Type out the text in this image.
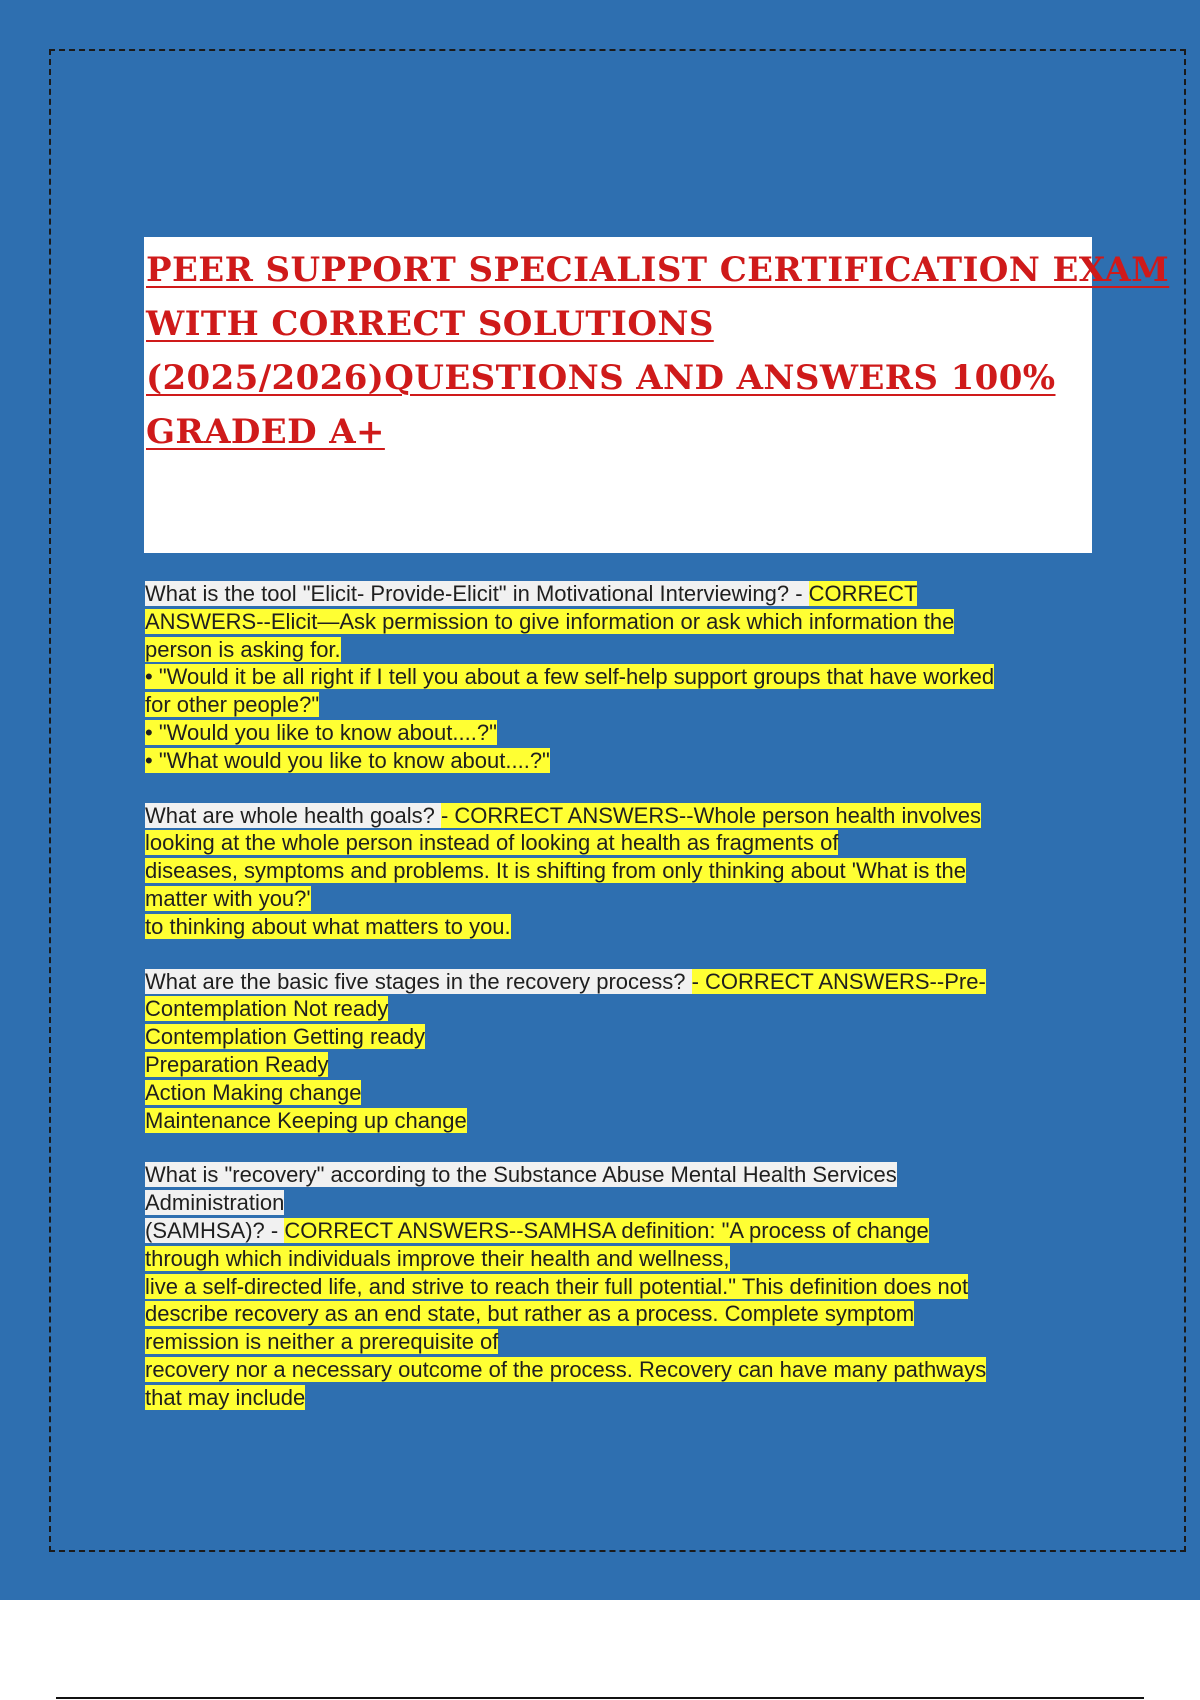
PEER SUPPORT SPECIALIST CERTIFICATION EXAM
WITH CORRECT SOLUTIONS
(2025/2026)QUESTIONS AND ANSWERS 100%
GRADED A+
What is the tool "Elicit- Provide-Elicit" in Motivational Interviewing? - CORRECT
ANSWERS--Elicit—Ask permission to give information or ask which information the
person is asking for.
• "Would it be all right if I tell you about a few self-help support groups that have worked
for other people?"
• "Would you like to know about....?"
• "What would you like to know about....?"
What are whole health goals? - CORRECT ANSWERS--Whole person health involves
looking at the whole person instead of looking at health as fragments of
diseases, symptoms and problems. It is shifting from only thinking about 'What is the
matter with you?'
to thinking about what matters to you.
What are the basic five stages in the recovery process? - CORRECT ANSWERS--Pre-
Contemplation Not ready
Contemplation Getting ready
Preparation Ready
Action Making change
Maintenance Keeping up change
What is "recovery" according to the Substance Abuse Mental Health Services
Administration
(SAMHSA)? - CORRECT ANSWERS--SAMHSA definition: "A process of change
through which individuals improve their health and wellness,
live a self-directed life, and strive to reach their full potential." This definition does not
describe recovery as an end state, but rather as a process. Complete symptom
remission is neither a prerequisite of
recovery nor a necessary outcome of the process. Recovery can have many pathways
that may include
